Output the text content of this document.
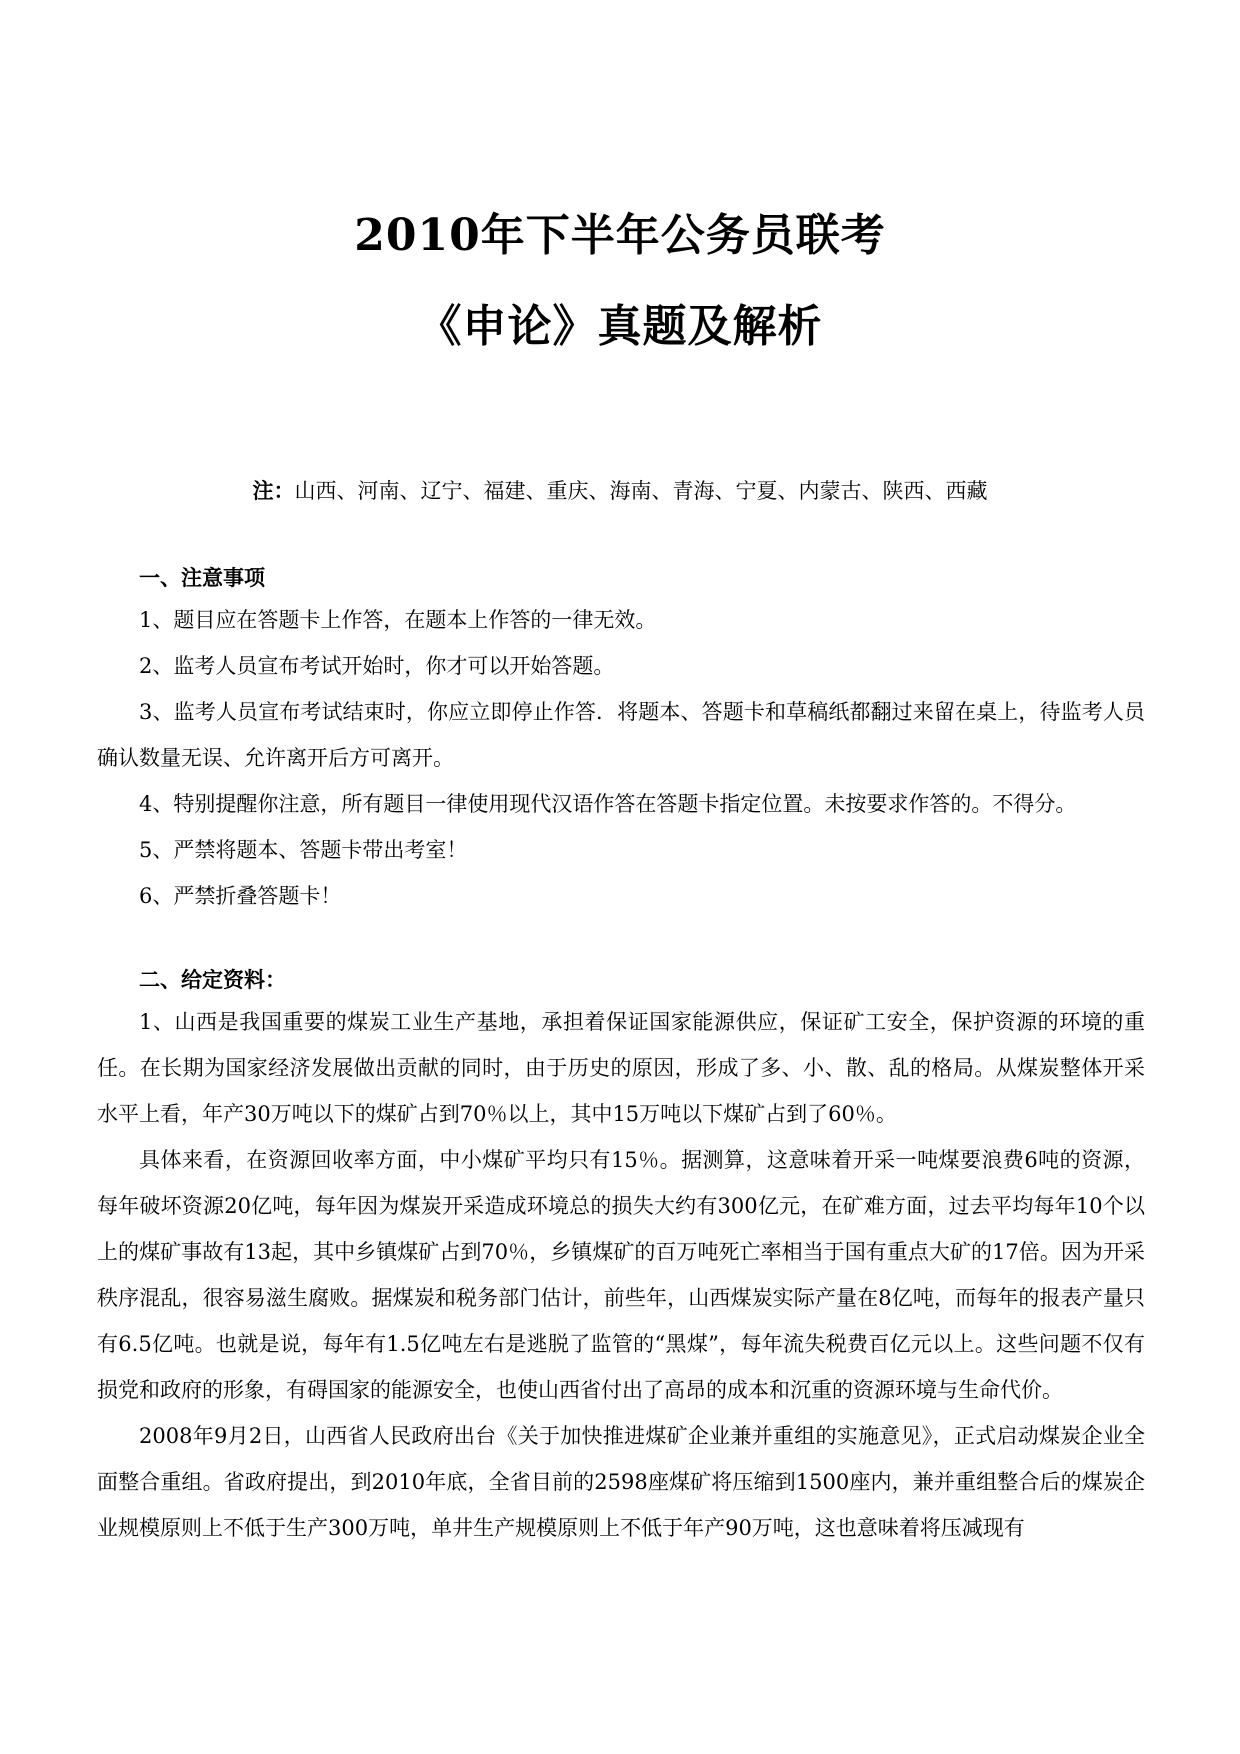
2010年下半年公务员联考
《申论》真题及解析
注：山西、河南、辽宁、福建、重庆、海南、青海、宁夏、内蒙古、陕西、西藏

一、注意事项

1、题目应在答题卡上作答，在题本上作答的一律无效。

2、监考人员宣布考试开始时，你才可以开始答题。

3、监考人员宣布考试结束时，你应立即停止作答．将题本、答题卡和草稿纸都翻过来留在桌上，待监考人员确认数量无误、允许离开后方可离开。

4、特别提醒你注意，所有题目一律使用现代汉语作答在答题卡指定位置。未按要求作答的。不得分。

5、严禁将题本、答题卡带出考室！

6、严禁折叠答题卡！

二、给定资料：

1、山西是我国重要的煤炭工业生产基地，承担着保证国家能源供应，保证矿工安全，保护资源的环境的重任。在长期为国家经济发展做出贡献的同时，由于历史的原因，形成了多、小、散、乱的格局。从煤炭整体开采水平上看，年产30万吨以下的煤矿占到70％以上，其中15万吨以下煤矿占到了60％。

具体来看，在资源回收率方面，中小煤矿平均只有15％。据测算，这意味着开采一吨煤要浪费6吨的资源，每年破坏资源20亿吨，每年因为煤炭开采造成环境总的损失大约有300亿元，在矿难方面，过去平均每年10个以上的煤矿事故有13起，其中乡镇煤矿占到70％，乡镇煤矿的百万吨死亡率相当于国有重点大矿的17倍。因为开采秩序混乱，很容易滋生腐败。据煤炭和税务部门估计，前些年，山西煤炭实际产量在8亿吨，而每年的报表产量只有6.5亿吨。也就是说，每年有1.5亿吨左右是逃脱了监管的“黑煤”，每年流失税费百亿元以上。这些问题不仅有损党和政府的形象，有碍国家的能源安全，也使山西省付出了高昂的成本和沉重的资源环境与生命代价。

2008年9月2日，山西省人民政府出台《关于加快推进煤矿企业兼并重组的实施意见》，正式启动煤炭企业全面整合重组。省政府提出，到2010年底，全省目前的2598座煤矿将压缩到1500座内，兼并重组整合后的煤炭企业规模原则上不低于生产300万吨，单井生产规模原则上不低于年产90万吨，这也意味着将压减现有
